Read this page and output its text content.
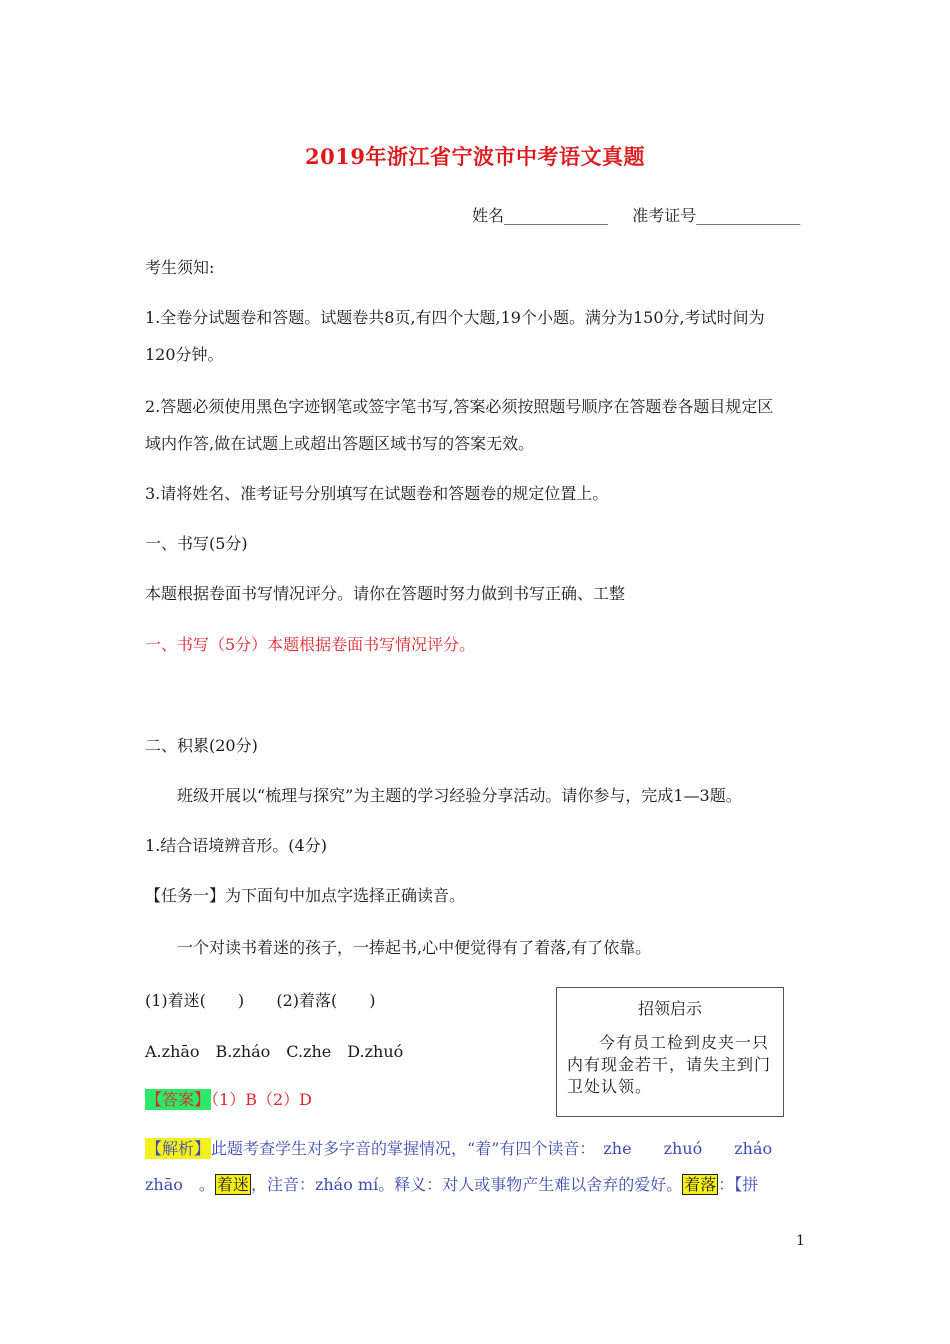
2019年浙江省宁波市中考语文真题
姓名_____________ 准考证号_____________
考生须知:
1.全卷分试题卷和答题。试题卷共8页,有四个大题,19个小题。满分为150分,考试时间为
120分钟。
2.答题必须使用黑色字迹钢笔或签字笔书写,答案必须按照题号顺序在答题卷各题目规定区
域内作答,做在试题上或超出答题区域书写的答案无效。
3.请将姓名、准考证号分别填写在试题卷和答题卷的规定位置上。
一、书写(5分)
本题根据卷面书写情况评分。请你在答题时努力做到书写正确、工整
一、书写（5分）本题根据卷面书写情况评分。
二、积累(20分)
班级开展以“梳理与探究”为主题的学习经验分享活动。请你参与，完成1—3题。
1.结合语境辨音形。(4分)
【任务一】为下面句中加点字选择正确读音。
一个对读书着迷的孩子，一捧起书,心中便觉得有了着落,有了依靠。
(1)着迷(　　) (2)着落(　　)
A.zhāo　B.zháo　C.zhe　D.zhuó
【答案】（1）B（2）D
【解析】此题考查学生对多字音的掌握情况，“着”有四个读音：　zhe　　zhuó　　zháo
zhāo　。 着迷 ，注音：zháo mí。释义：对人或事物产生难以舍弃的爱好。 着落 ：【拼
招领启示
今有员工检到皮夹一只内有现金若干，请失主到门卫处认领。
1
